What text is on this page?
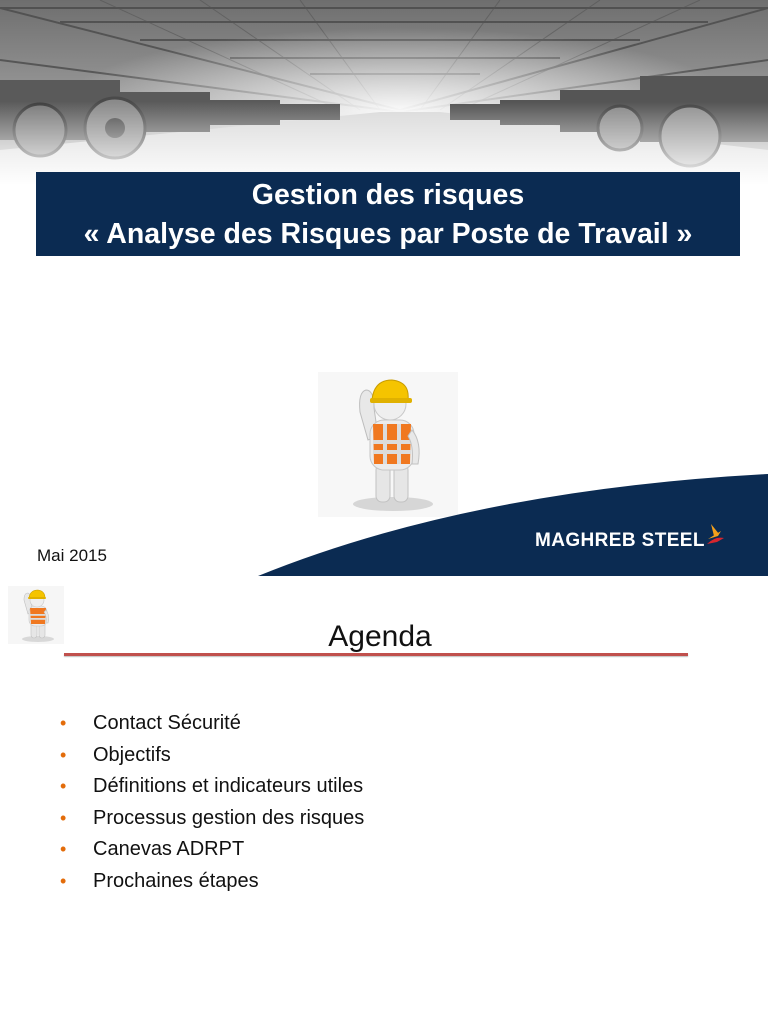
Gestion des risques
« Analyse des Risques par Poste de Travail »
Mai 2015
MAGHREB STEEL
Agenda
• Contact Sécurité
• Objectifs
• Définitions et indicateurs utiles
• Processus gestion des risques
• Canevas ADRPT
• Prochaines étapes
